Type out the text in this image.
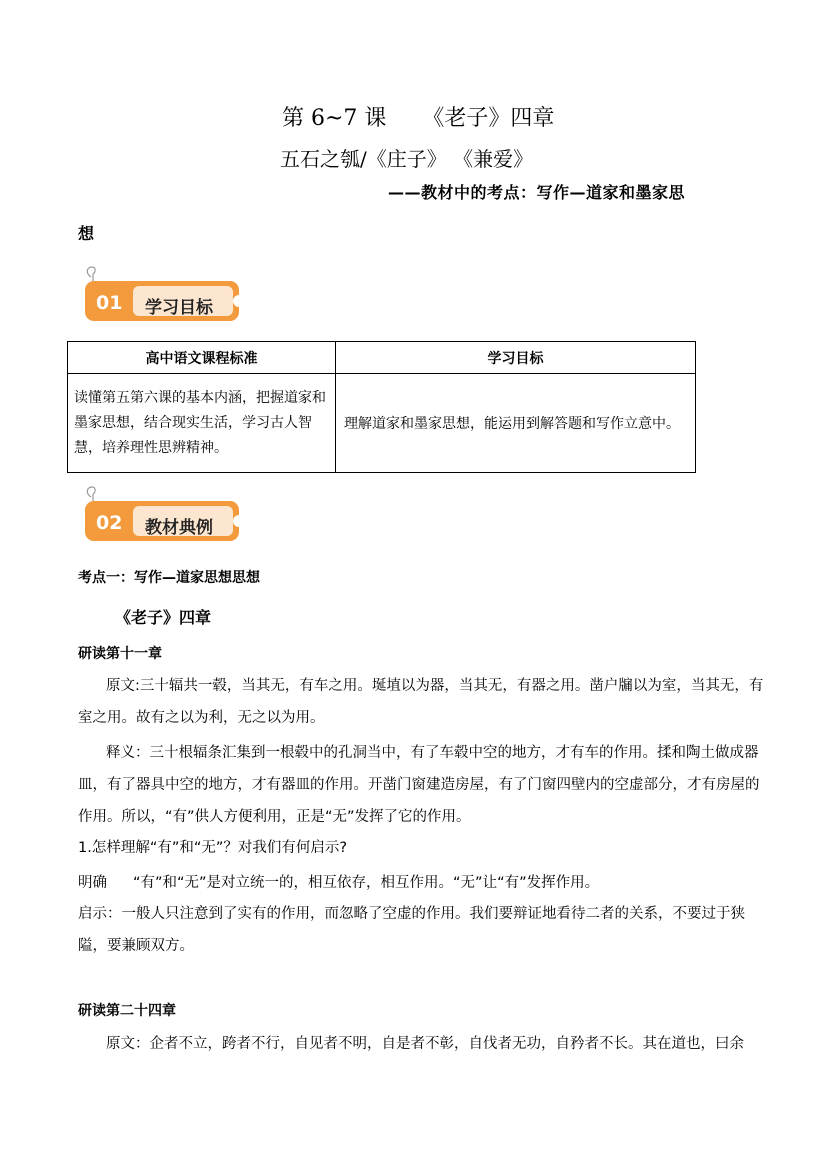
第 6~7 课 《老子》四章
五石之瓠/《庄子》 《兼爱》
——教材中的考点：写作—道家和墨家思
想
01 学习目标
高中语文课程标准	学习目标
读懂第五第六课的基本内涵，把握道家和墨家思想，结合现实生活，学习古人智慧，培养理性思辨精神。	理解道家和墨家思想，能运用到解答题和写作立意中。
02 教材典例
考点一：写作—道家思想思想
《老子》四章
研读第十一章
原文:三十辐共一毂，当其无，有车之用。埏埴以为器，当其无，有器之用。凿户牖以为室，当其无，有室之用。故有之以为利，无之以为用。
释义：三十根辐条汇集到一根毂中的孔洞当中，有了车毂中空的地方，才有车的作用。揉和陶土做成器皿，有了器具中空的地方，才有器皿的作用。开凿门窗建造房屋，有了门窗四壁内的空虚部分，才有房屋的作用。所以，“有”供人方便利用，正是“无”发挥了它的作用。
1.怎样理解“有”和“无”？对我们有何启示?
明确 “有”和“无”是对立统一的，相互依存，相互作用。“无”让“有”发挥作用。
启示：一般人只注意到了实有的作用，而忽略了空虚的作用。我们要辩证地看待二者的关系，不要过于狭隘，要兼顾双方。
研读第二十四章
原文：企者不立，跨者不行，自见者不明，自是者不彰，自伐者无功，自矜者不长。其在道也，曰余
